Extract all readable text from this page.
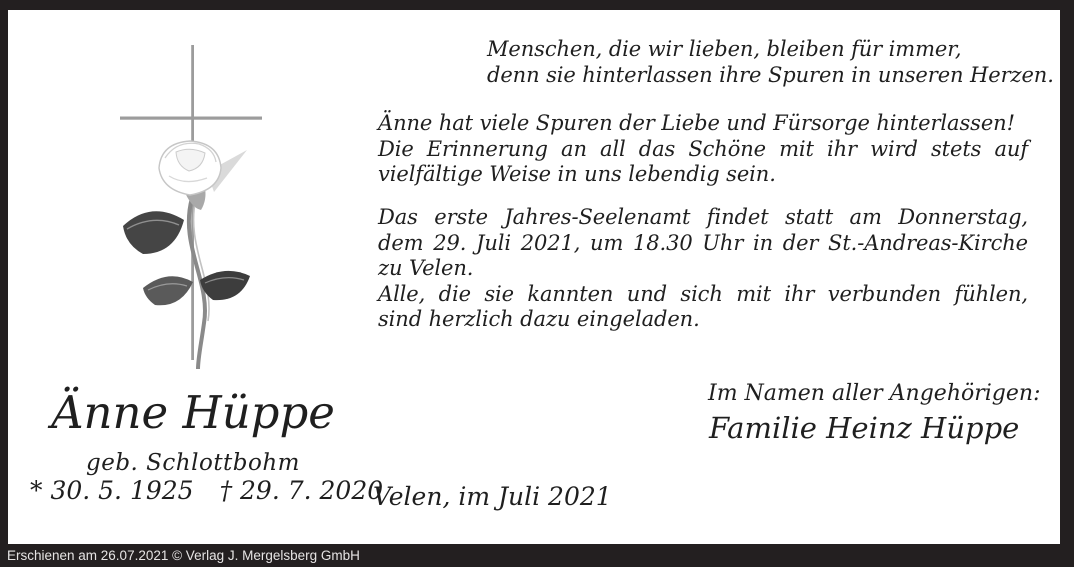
Menschen, die wir lieben, bleiben für immer,
denn sie hinterlassen ihre Spuren in unseren Herzen.
Änne hat viele Spuren der Liebe und Fürsorge hinterlassen!
Die Erinnerung an all das Schöne mit ihr wird stets auf
vielfältige Weise in uns lebendig sein.
Das erste Jahres-Seelenamt findet statt am Donnerstag,
dem 29. Juli 2021, um 18.30 Uhr in der St.-Andreas-Kirche
zu Velen.
Alle, die sie kannten und sich mit ihr verbunden fühlen,
sind herzlich dazu eingeladen.
Im Namen aller Angehörigen:
Familie Heinz Hüppe
Änne Hüppe
geb. Schlottbohm
* 30. 5. 1925 † 29. 7. 2020
Velen, im Juli 2021
Erschienen am 26.07.2021 © Verlag J. Mergelsberg GmbH
